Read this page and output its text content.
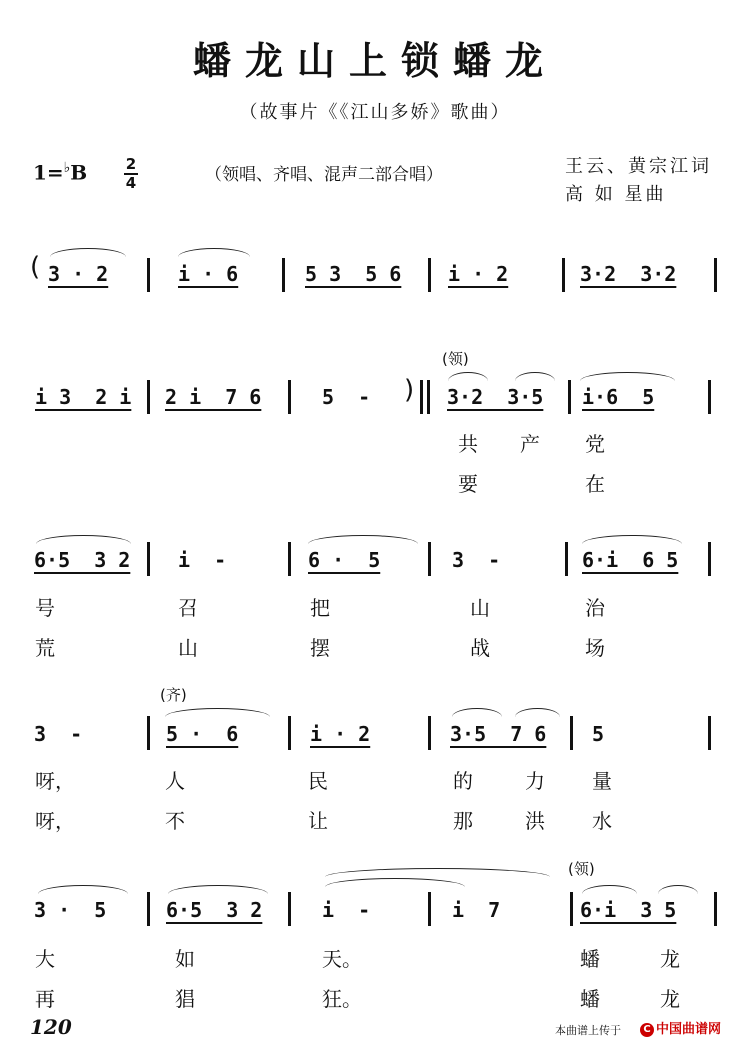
蟠龙山上锁蟠龙
（故事片《《江山多娇》歌曲）
1=♭B	2
4	（领唱、齐唱、混声二部合唱）	王云、黄宗江词
高 如 星曲
( 3 · 2	i · 6	5 3  5 6 i · 2	3·2  3·2
i 3  2 i 2 i  7 6	5  - )
(领)
3·2  3·5 i·6  5
共 产 党
要	在
6·5  3 2 i  -	6 ·  5	3  -	6·i  6 5
号	召	把	山	治
荒	山	摆	战	场
3  -
(齐)
5 ·  6	i · 2	3·5  7 6 5
呀，	人	民	的	力 量
呀，	不	让	那	洪 水
3 ·  5	6·5  3 2	i  -	i  7
(领)
6·i  3 5
大	如	天。	蟠	龙
再	猖	狂。	蟠	龙
120	本曲谱上传于	C 中国曲谱网
